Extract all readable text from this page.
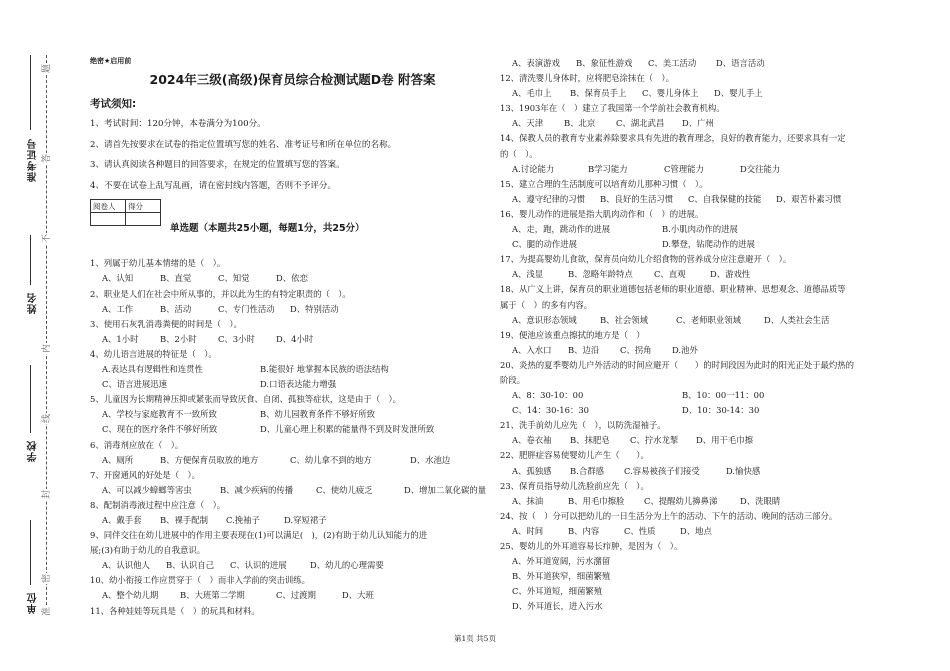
准考证号
姓名
学校
单位
题
答
不
内
线
封
密
准
绝密★启用前
2024年三级(高级)保育员综合检测试题D卷 附答案
考试须知:
1、考试时间：120分钟，本卷满分为100分。
2、请首先按要求在试卷的指定位置填写您的姓名、准考证号和所在单位的名称。
3、请认真阅读各种题目的回答要求，在规定的位置填写您的答案。
4、不要在试卷上乱写乱画，请在密封线内答题，否则不予评分。
阅卷人	得分

单选题（本题共25小题，每题1分，共25分）
1、列属于幼儿基本情绪的是（　）。
A、认知	B、直觉	C、知觉	D、依恋
2、职业是人们在社会中所从事的，并以此为生的有特定职责的（　）。
A、工作	B、活动	C、专门性活动 D、特别活动
3、使用石灰乳消毒粪便的时间是（　）。
A、1小时	B、2小时	C、3小时	D、4小时
4、幼儿语言进展的特征是（　）。
A.表达具有逻辑性和连贯性	B.能很好 地掌握本民族的语法结构
C、语言进展迅速	D.口语表达能力增强
5、儿童因为长期精神压抑或紧张而导致厌食、自闭、孤独等症状，这是由于（　）。
A、学校与家庭教育不一致所致	B、幼儿园教育条件不够好所致
C、现在的医疗条件不够好所致	D、儿童心理上积累的能量得不到及时发泄所致
6、消毒剂应放在（　）。
A、厕所	B、方便保育员取放的地方	C、幼儿拿不到的地方	D、水池边
7、开窗通风的好处是（　）。
A、可以减少蟑螂等害虫	B、减少疾病的传播	C、使幼儿疲乏	D、增加二氧化碳的量
8、配制消毒液过程中应注意（　）。
A、戴手套 B、裸手配制 C.挽袖子	D.穿短裙子
9、同伴交往在幼儿进展中的作用主要表现在(1)可以满足(　)，(2)有助于幼儿认知能力的进
展;(3)有助于幼儿的自我意识。
A、认识他人 B、认识自己 C、认识的进展	D、幼儿的心理需要
10、幼小衔接工作应贯穿于（　）而非入学前的突击训练。
A、整个幼儿期	B、大班第二学期	C、过渡期	D、大班
11、各种娃娃等玩具是（　）的玩具和材料。
A、表演游戏 B、象征性游戏 C、美工活动 D、语言活动
12、清洗婴儿身体时，应将肥皂涂抹在（　）。
A、毛巾上 B、保育员手上 C、婴儿身体上 D、婴儿手上
13、1903年在（　）建立了我国第一个学前社会教育机构。
A、天津 B、北京 C、湖北武昌 D、广州
14、保教人员的教育专业素养除要求具有先进的教育理念，良好的教育能力，还要求具有一定
的（　）。
A.讨论能力	B学习能力	C管理能力	D交往能力
15、建立合理的生活制度可以培育幼儿那种习惯（　）。
A、遵守纪律的习惯 B、良好的生活习惯 C、自我保健的技能 D、艰苦朴素习惯
16、婴儿动作的进展是指大肌肉动作和（　）的进展。
A、走，跑，跳动作的进展	B.小肌肉动作的进展
C、腿的动作进展	D.攀登，钻爬动作的进展
17、为提高婴幼儿食欲，保育员向幼儿介绍食物的营养成分应注意避开（　）。
A、浅显	B、忽略年龄特点	C、直观	D、游戏性
18、从广义上讲，保育员的职业道德包括老师的职业道德、职业精神、思想观念、道德品质等
属于（　）的多有内容。
A、意识形态领域	B、社会领域	C、老师职业领域	D、人类社会生活
19、便池应该重点擦拭的地方是（　）
A、入水口 B、边沿 C、拐角 D.池外
20、炎热的夏季婴幼儿户外活动的时间应避开（　　）的时间段因为此时的阳光正处于最灼热的
阶段。
A、8：30-10：00	B、10：00一11：00
C、14：30-16：30	D、10：30-14：30
21、洗手前幼儿应先（　），以防洗湿袖子。
A、卷衣袖 B、抹肥皂 C、拧水龙掣 D、用干毛巾擦
22、肥胖症容易使婴幼儿产生（　　）。
A、孤独感 B.合群感 C.容易被孩子们接受	D.愉快感
23、保育员指导幼儿洗脸前应先（　）。
A、抹油	B、用毛巾擦脸 C、提醒幼儿擤鼻涕	D、洗眼睛
24、按（　）分可以把幼儿的一日生活分为上午的活动、下午的活动、晚间的活动三部分。
A、时间	B、内容	C、性质	D、地点
25、婴幼儿的外耳道容易长疖肿，是因为（　）。
A、外耳道宽阔，污水潴留
B、外耳道狭窄，细菌繁殖
C、外耳道短，细菌繁殖
D、外耳道长，进入污水
第1页 共5页
